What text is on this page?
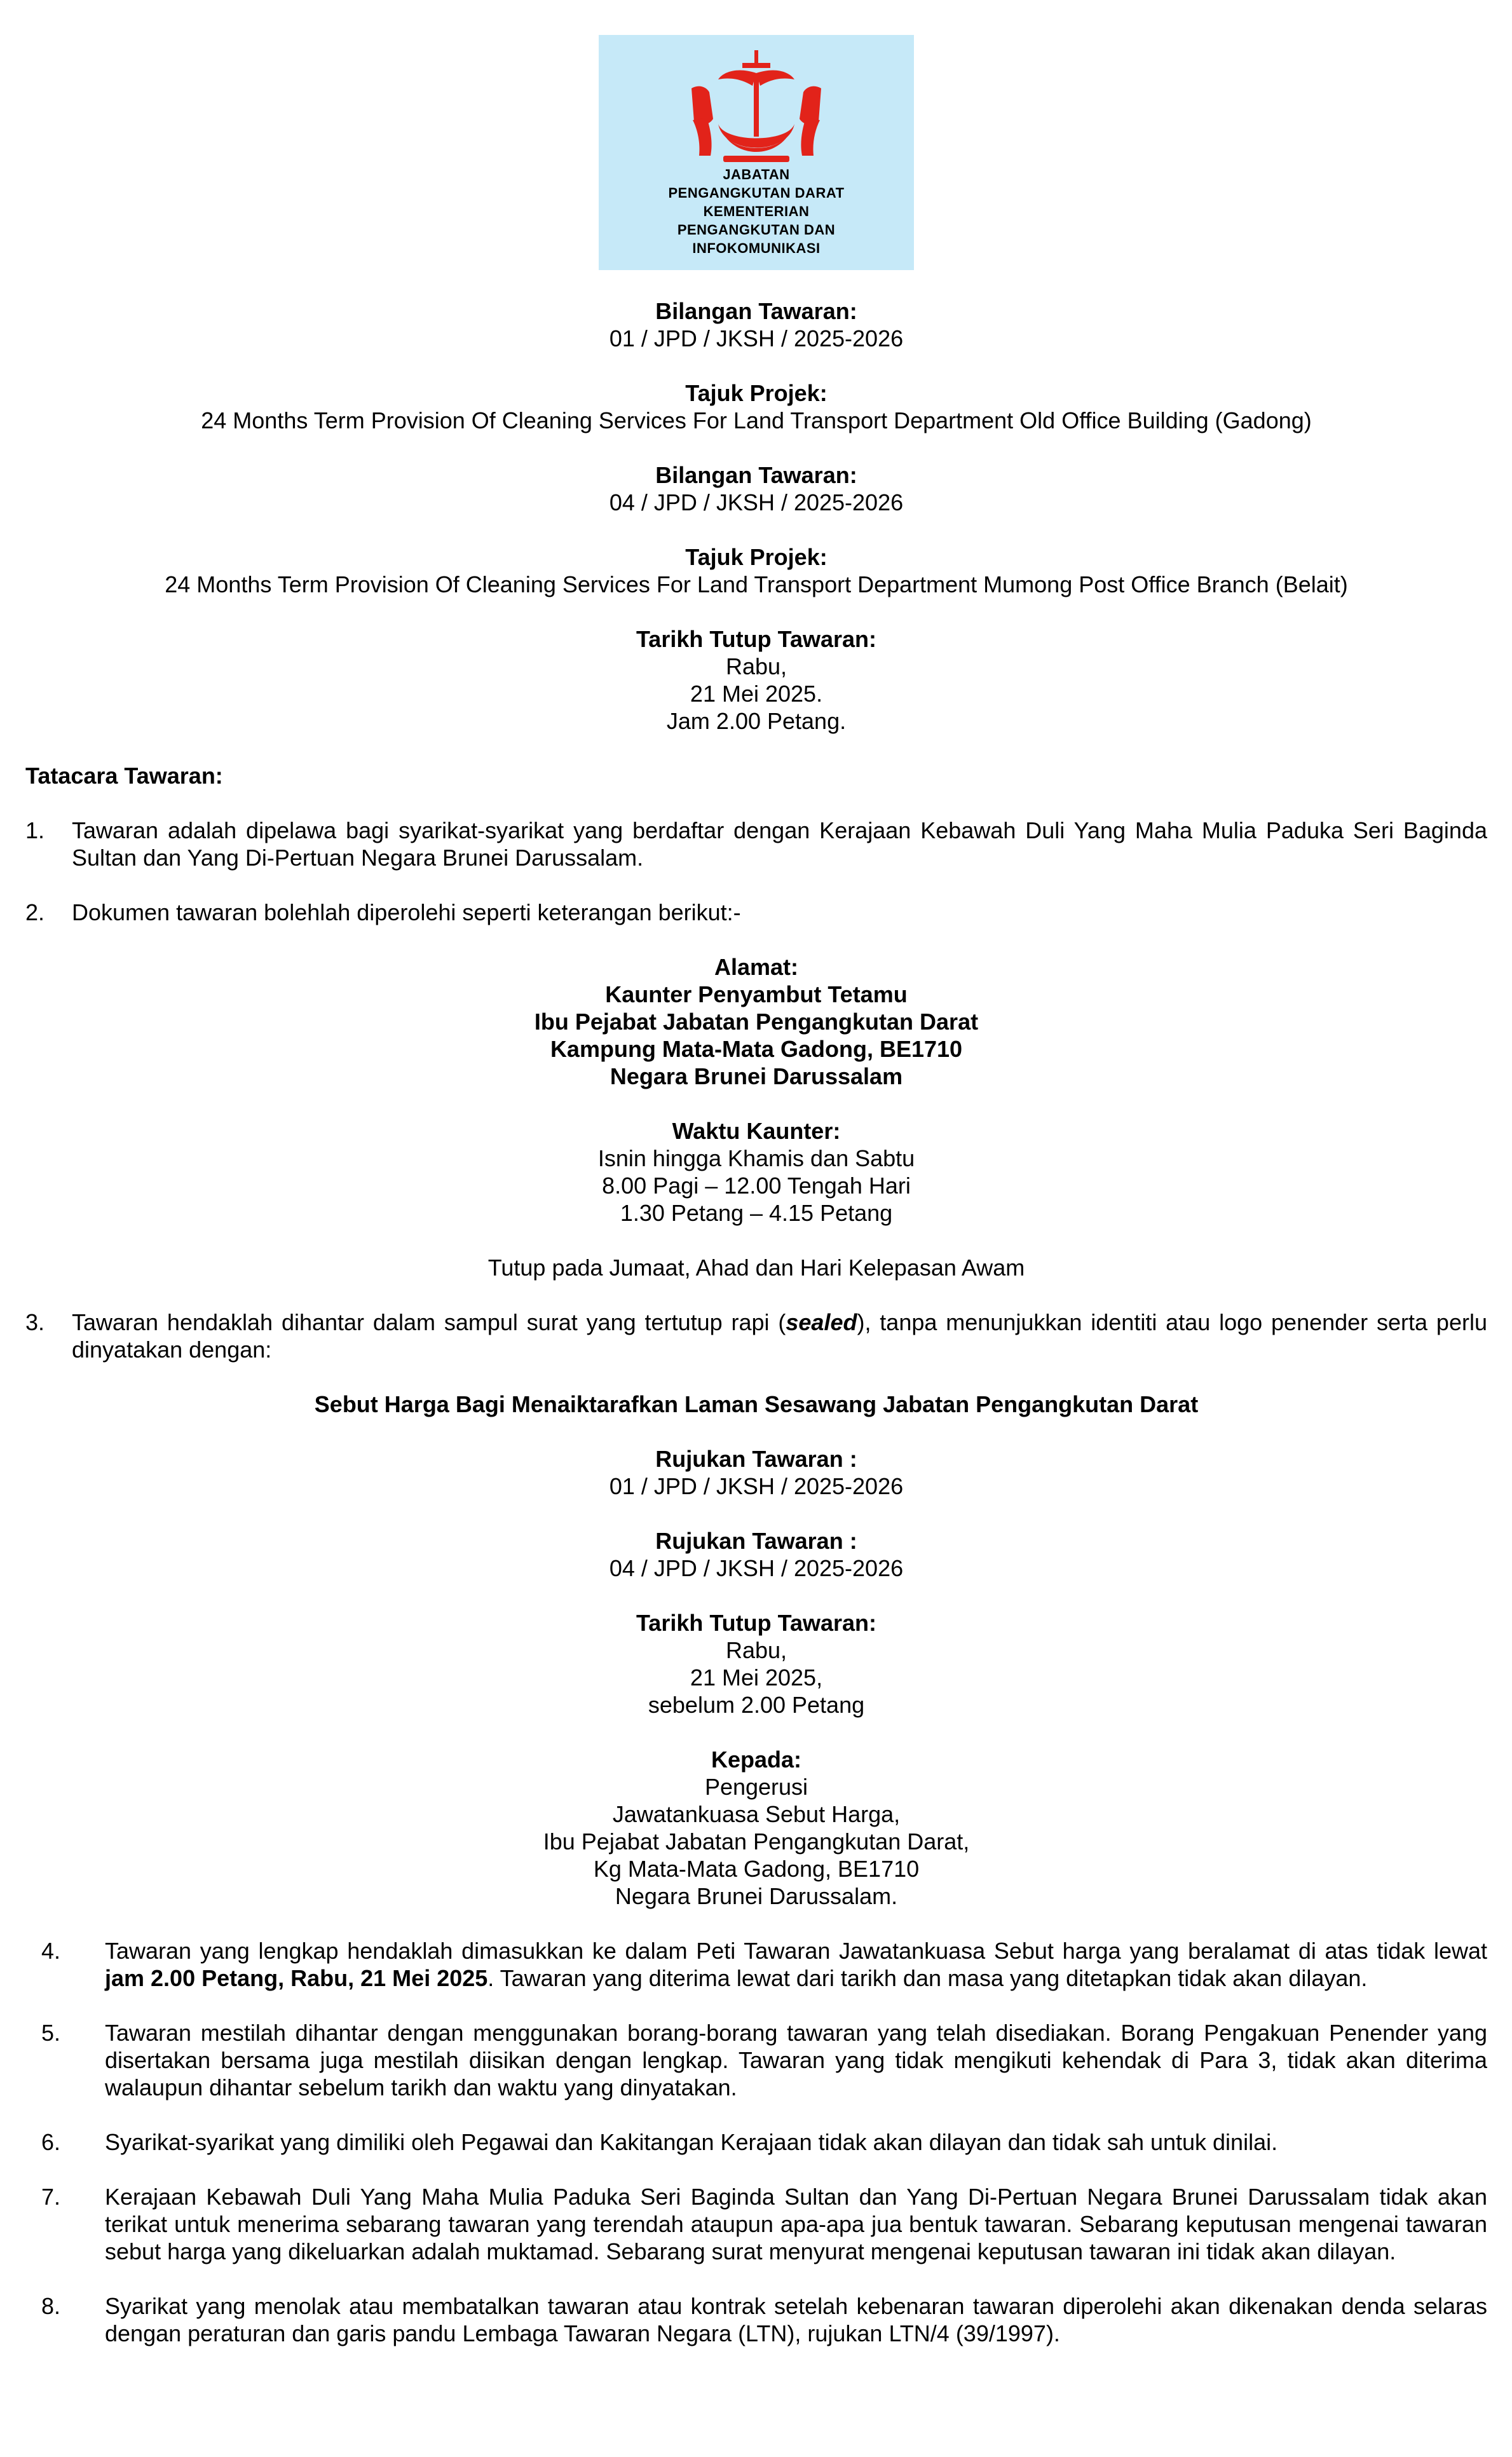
JABATAN
PENGANGKUTAN DARAT
KEMENTERIAN
PENGANGKUTAN DAN
INFOKOMUNIKASI
Bilangan Tawaran:
01 / JPD / JKSH / 2025-2026
Tajuk Projek:
24 Months Term Provision Of Cleaning Services For Land Transport Department Old Office Building (Gadong)
Bilangan Tawaran:
04 / JPD / JKSH / 2025-2026
Tajuk Projek:
24 Months Term Provision Of Cleaning Services For Land Transport Department Mumong Post Office Branch (Belait)
Tarikh Tutup Tawaran:
Rabu,
21 Mei 2025.
Jam 2.00 Petang.
Tatacara Tawaran:
1.	Tawaran adalah dipelawa bagi syarikat-syarikat yang berdaftar dengan Kerajaan Kebawah Duli Yang Maha Mulia Paduka Seri Baginda Sultan dan Yang Di-Pertuan Negara Brunei Darussalam.
2.	Dokumen tawaran bolehlah diperolehi seperti keterangan berikut:-
Alamat:
Kaunter Penyambut Tetamu
Ibu Pejabat Jabatan Pengangkutan Darat
Kampung Mata-Mata Gadong, BE1710
Negara Brunei Darussalam
Waktu Kaunter:
Isnin hingga Khamis dan Sabtu
8.00 Pagi – 12.00 Tengah Hari
1.30 Petang – 4.15 Petang
Tutup pada Jumaat, Ahad dan Hari Kelepasan Awam
3.	Tawaran hendaklah dihantar dalam sampul surat yang tertutup rapi (sealed), tanpa menunjukkan identiti atau logo penender serta perlu dinyatakan dengan:
Sebut Harga Bagi Menaiktarafkan Laman Sesawang Jabatan Pengangkutan Darat
Rujukan Tawaran :
01 / JPD / JKSH / 2025-2026
Rujukan Tawaran :
04 / JPD / JKSH / 2025-2026
Tarikh Tutup Tawaran:
Rabu,
21 Mei 2025,
sebelum 2.00 Petang
Kepada:
Pengerusi
Jawatankuasa Sebut Harga,
Ibu Pejabat Jabatan Pengangkutan Darat,
Kg Mata-Mata Gadong, BE1710
Negara Brunei Darussalam.
4.	Tawaran yang lengkap hendaklah dimasukkan ke dalam Peti Tawaran Jawatankuasa Sebut harga yang beralamat di atas tidak lewat jam 2.00 Petang, Rabu, 21 Mei 2025. Tawaran yang diterima lewat dari tarikh dan masa yang ditetapkan tidak akan dilayan.
5.	Tawaran mestilah dihantar dengan menggunakan borang-borang tawaran yang telah disediakan. Borang Pengakuan Penender yang disertakan bersama juga mestilah diisikan dengan lengkap. Tawaran yang tidak mengikuti kehendak di Para 3, tidak akan diterima walaupun dihantar sebelum tarikh dan waktu yang dinyatakan.
6.	Syarikat-syarikat yang dimiliki oleh Pegawai dan Kakitangan Kerajaan tidak akan dilayan dan tidak sah untuk dinilai.
7.	Kerajaan Kebawah Duli Yang Maha Mulia Paduka Seri Baginda Sultan dan Yang Di-Pertuan Negara Brunei Darussalam tidak akan terikat untuk menerima sebarang tawaran yang terendah ataupun apa-apa jua bentuk tawaran. Sebarang keputusan mengenai tawaran sebut harga yang dikeluarkan adalah muktamad. Sebarang surat menyurat mengenai keputusan tawaran ini tidak akan dilayan.
8.	Syarikat yang menolak atau membatalkan tawaran atau kontrak setelah kebenaran tawaran diperolehi akan dikenakan denda selaras dengan peraturan dan garis pandu Lembaga Tawaran Negara (LTN), rujukan LTN/4 (39/1997).
